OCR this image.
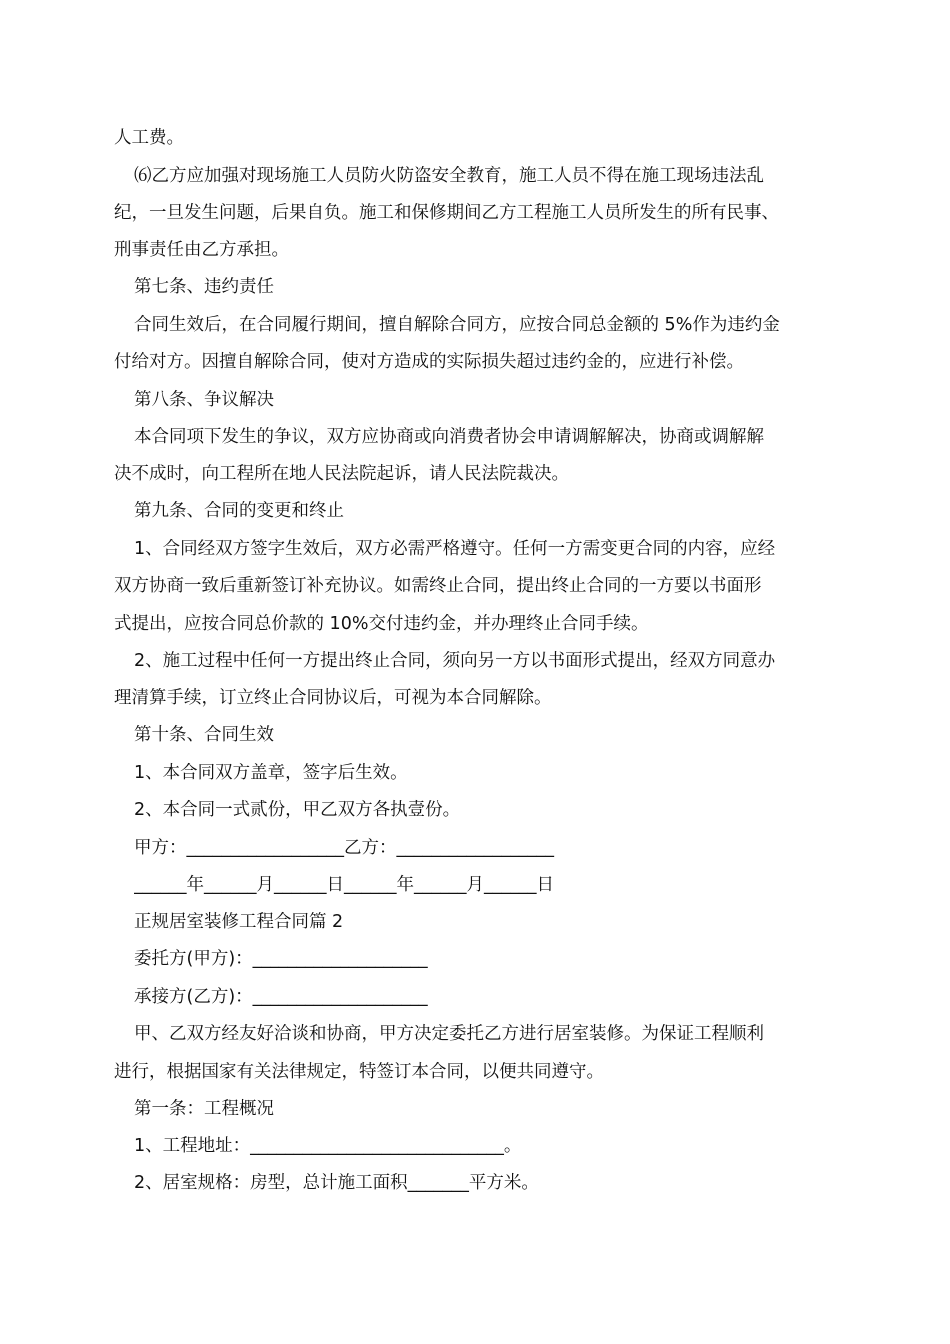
人工费。
⑹乙方应加强对现场施工人员防火防盗安全教育，施工人员不得在施工现场违法乱
纪，一旦发生问题，后果自负。施工和保修期间乙方工程施工人员所发生的所有民事、
刑事责任由乙方承担。
第七条、违约责任
合同生效后，在合同履行期间，擅自解除合同方，应按合同总金额的 5%作为违约金
付给对方。因擅自解除合同，使对方造成的实际损失超过违约金的，应进行补偿。
第八条、争议解决
本合同项下发生的争议，双方应协商或向消费者协会申请调解解决，协商或调解解
决不成时，向工程所在地人民法院起诉，请人民法院裁决。
第九条、合同的变更和终止
1、合同经双方签字生效后，双方必需严格遵守。任何一方需变更合同的内容，应经
双方协商一致后重新签订补充协议。如需终止合同，提出终止合同的一方要以书面形
式提出，应按合同总价款的 10%交付违约金，并办理终止合同手续。
2、施工过程中任何一方提出终止合同，须向另一方以书面形式提出，经双方同意办
理清算手续，订立终止合同协议后，可视为本合同解除。
第十条、合同生效
1、本合同双方盖章，签字后生效。
2、本合同一式贰份，甲乙双方各执壹份。
甲方：__________________乙方：__________________
______年______月______日______年______月______日
正规居室装修工程合同篇 2
委托方(甲方)：____________________
承接方(乙方)：____________________
甲、乙双方经友好洽谈和协商，甲方决定委托乙方进行居室装修。为保证工程顺利
进行，根据国家有关法律规定，特签订本合同，以便共同遵守。
第一条：工程概况
1、工程地址：_____________________________。
2、居室规格：房型，总计施工面积_______平方米。
